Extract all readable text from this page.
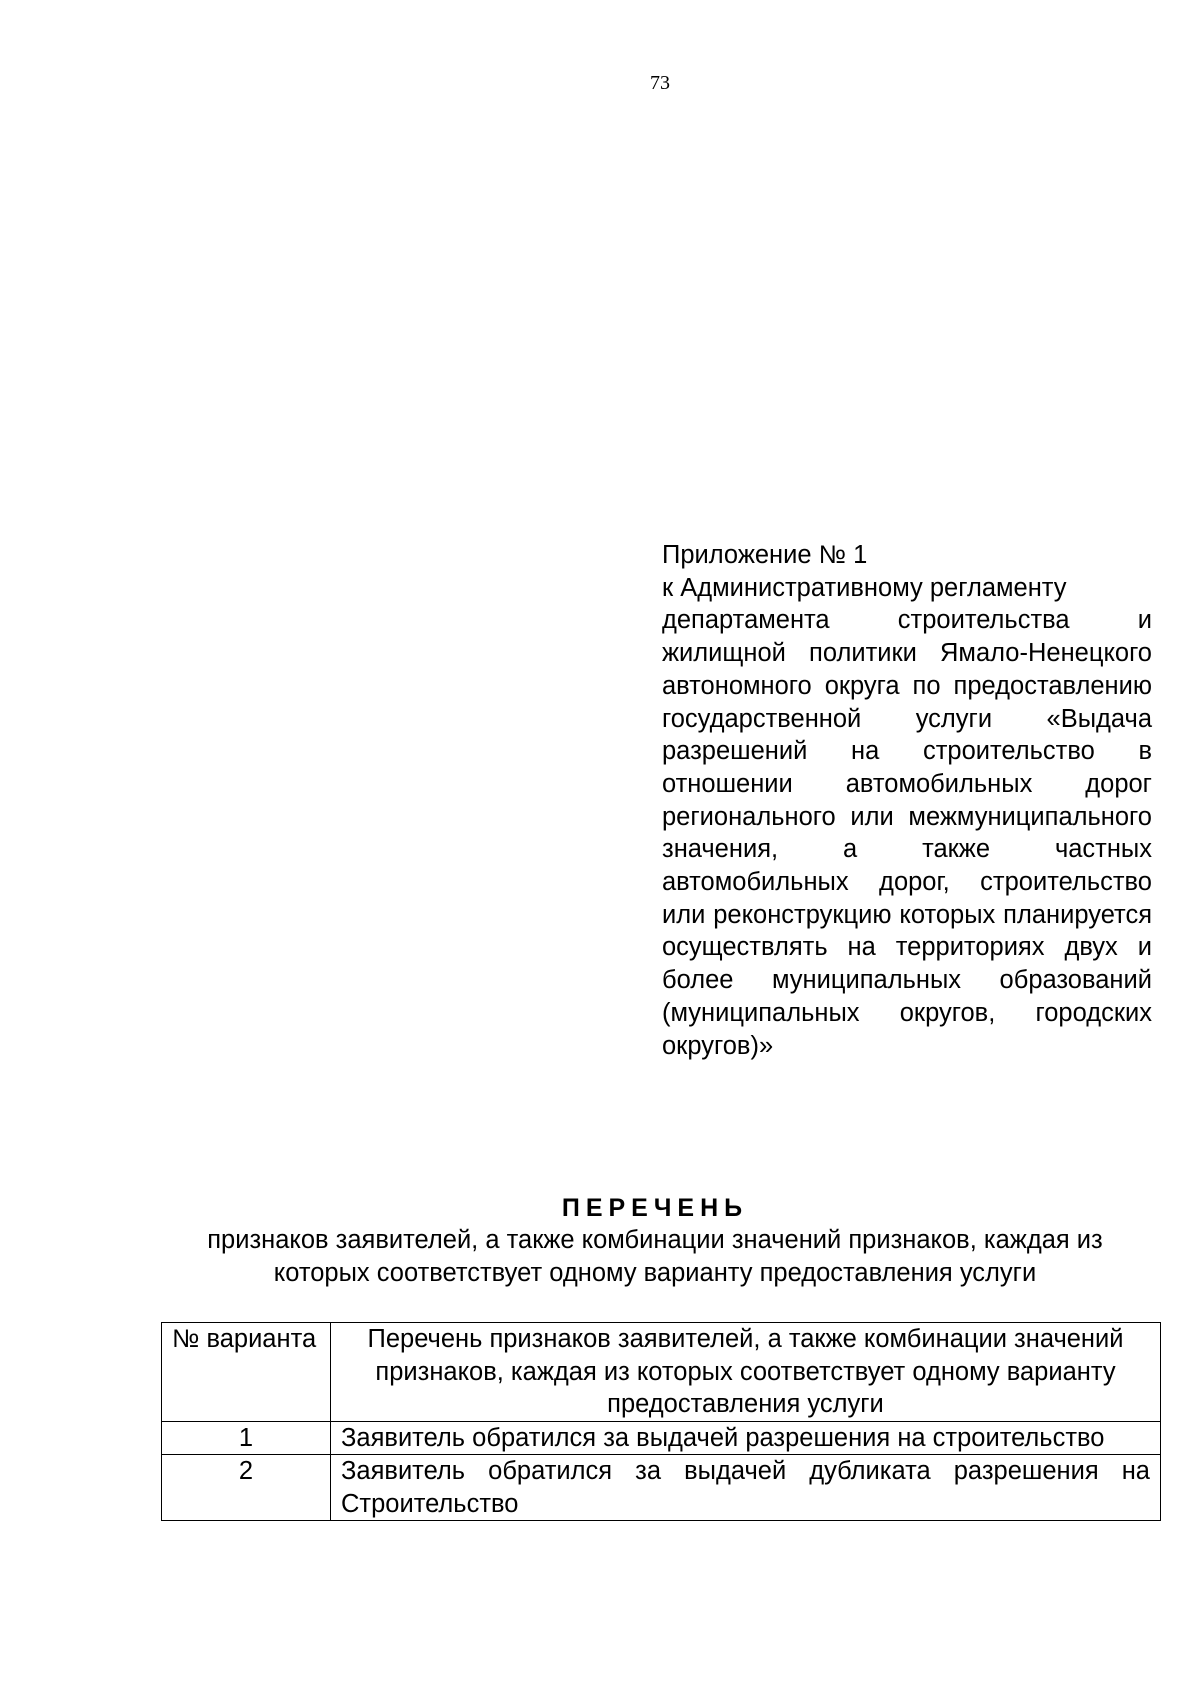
73
Приложение № 1
к Административному регламенту
департамента строительства и жилищной политики Ямало-Ненецкого автономного округа по предоставлению государственной услуги «Выдача разрешений на строительство в отношении автомобильных дорог регионального или межмуниципального значения, а также частных автомобильных дорог, строительство или реконструкцию которых планируется осуществлять на территориях двух и более муниципальных образований (муниципальных округов, городских округов)»
ПЕРЕЧЕНЬ
признаков заявителей, а также комбинации значений признаков, каждая из которых соответствует одному варианту предоставления услуги
№ варианта	Перечень признаков заявителей, а также комбинации значений признаков, каждая из которых соответствует одному варианту предоставления услуги
1	Заявитель обратился за выдачей разрешения на строительство
2	Заявитель обратился за выдачей дубликата разрешения на Строительство
